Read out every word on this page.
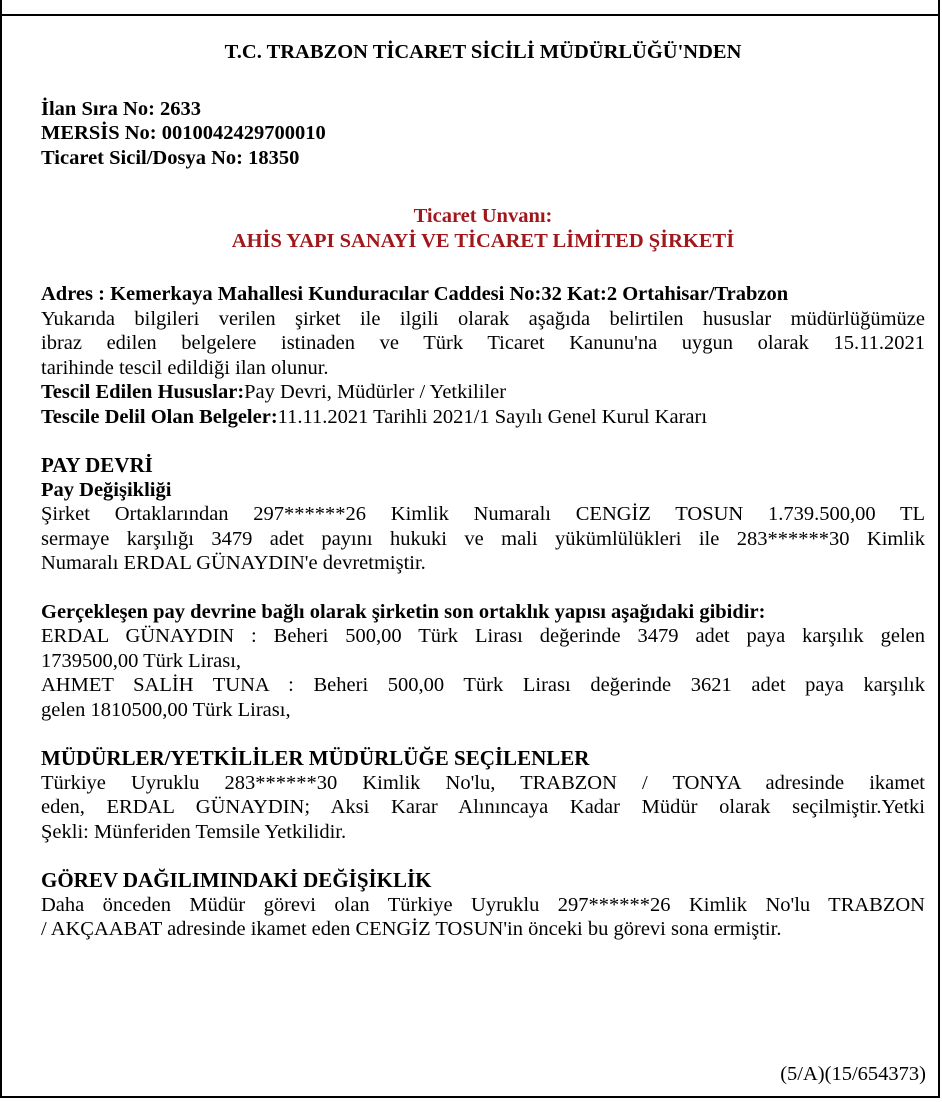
T.C. TRABZON TİCARET SİCİLİ MÜDÜRLÜĞÜ'NDEN
İlan Sıra No: 2633
MERSİS No: 0010042429700010
Ticaret Sicil/Dosya No: 18350
Ticaret Unvanı:
AHİS YAPI SANAYİ VE TİCARET LİMİTED ŞİRKETİ
Adres : Kemerkaya Mahallesi Kunduracılar Caddesi No:32 Kat:2 Ortahisar/Trabzon
Yukarıda bilgileri verilen şirket ile ilgili olarak aşağıda belirtilen hususlar müdürlüğümüze
ibraz edilen belgelere istinaden ve Türk Ticaret Kanunu'na uygun olarak 15.11.2021
tarihinde tescil edildiği ilan olunur.
Tescil Edilen Hususlar:Pay Devri, Müdürler / Yetkililer
Tescile Delil Olan Belgeler:11.11.2021 Tarihli 2021/1 Sayılı Genel Kurul Kararı
PAY DEVRİ
Pay Değişikliği
Şirket Ortaklarından 297******26 Kimlik Numaralı CENGİZ TOSUN 1.739.500,00 TL
sermaye karşılığı 3479 adet payını hukuki ve mali yükümlülükleri ile 283******30 Kimlik
Numaralı ERDAL GÜNAYDIN'e devretmiştir.
Gerçekleşen pay devrine bağlı olarak şirketin son ortaklık yapısı aşağıdaki gibidir:
ERDAL GÜNAYDIN : Beheri 500,00 Türk Lirası değerinde 3479 adet paya karşılık gelen
1739500,00 Türk Lirası,
AHMET SALİH TUNA : Beheri 500,00 Türk Lirası değerinde 3621 adet paya karşılık
gelen 1810500,00 Türk Lirası,
MÜDÜRLER/YETKİLİLER MÜDÜRLÜĞE SEÇİLENLER
Türkiye Uyruklu 283******30 Kimlik No'lu, TRABZON / TONYA adresinde ikamet
eden, ERDAL GÜNAYDIN; Aksi Karar Alınıncaya Kadar Müdür olarak seçilmiştir.Yetki
Şekli: Münferiden Temsile Yetkilidir.
GÖREV DAĞILIMINDAKİ DEĞİŞİKLİK
Daha önceden Müdür görevi olan Türkiye Uyruklu 297******26 Kimlik No'lu TRABZON
/ AKÇAABAT adresinde ikamet eden CENGİZ TOSUN'in önceki bu görevi sona ermiştir.
(5/A)(15/654373)
